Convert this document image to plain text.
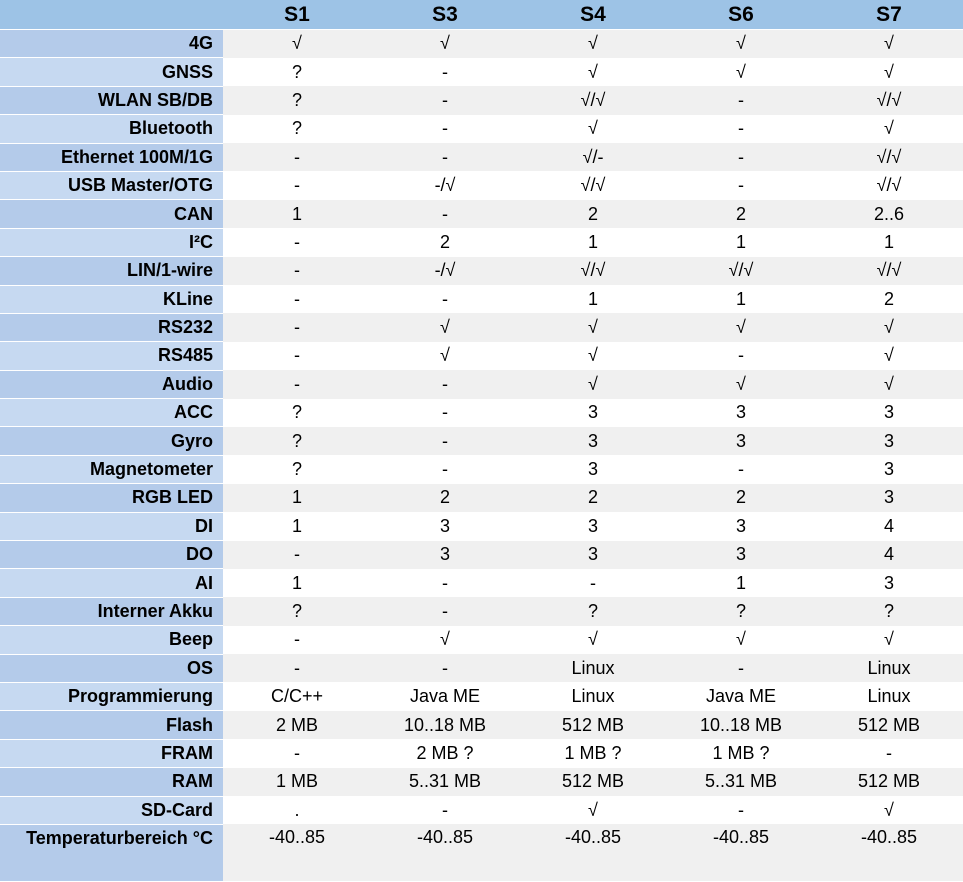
	S1	S3	S4	S6	S7
4G	√	√	√	√	√
GNSS	?	-	√	√	√
WLAN SB/DB	?	-	√/√	-	√/√
Bluetooth	?	-	√	-	√
Ethernet 100M/1G	-	-	√/-	-	√/√
USB Master/OTG	-	-/√	√/√	-	√/√
CAN	1	-	2	2	2..6
I²C	-	2	1	1	1
LIN/1-wire	-	-/√	√/√	√/√	√/√
KLine	-	-	1	1	2
RS232	-	√	√	√	√
RS485	-	√	√	-	√
Audio	-	-	√	√	√
ACC	?	-	3	3	3
Gyro	?	-	3	3	3
Magnetometer	?	-	3	-	3
RGB LED	1	2	2	2	3
DI	1	3	3	3	4
DO	-	3	3	3	4
AI	1	-	-	1	3
Interner Akku	?	-	?	?	?
Beep	-	√	√	√	√
OS	-	-	Linux	-	Linux
Programmierung	C/C++	Java ME	Linux	Java ME	Linux
Flash	2 MB	10..18 MB	512 MB	10..18 MB	512 MB
FRAM	-	2 MB ?	1 MB ?	1 MB ?	-
RAM	1 MB	5..31 MB	512 MB	5..31 MB	512 MB
SD-Card	.	-	√	-	√
Temperaturbereich °C	-40..85	-40..85	-40..85	-40..85	-40..85
